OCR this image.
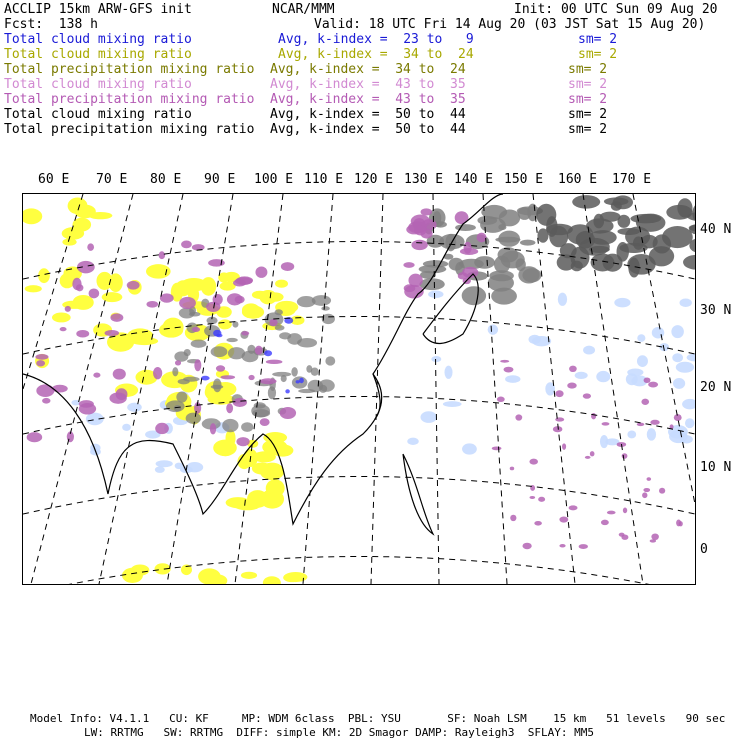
ACCLIP 15km ARW-GFS init	NCAR/MMM	Init: 00 UTC Sun 09 Aug 20
Fcst:  138 h	Valid: 18 UTC Fri 14 Aug 20 (03 JST Sat 15 Aug 20)
Total cloud mixing ratio	Avg, k-index =  23 to   9	sm= 2
Total cloud mixing ratio	Avg, k-index =  34 to  24	sm= 2
Total precipitation mixing ratio Avg, k-index =  34 to  24	sm= 2
Total cloud mixing ratio	Avg, k-index =  43 to  35	sm= 2
Total precipitation mixing ratio Avg, k-index =  43 to  35	sm= 2
Total cloud mixing ratio	Avg, k-index =  50 to  44	sm= 2
Total precipitation mixing ratio Avg, k-index =  50 to  44	sm= 2
60 E 70 E 80 E 90 E 100 E 110 E 120 E 130 E 140 E 150 E 160 E 170 E
40 N
30 N
20 N
10 N
0
Model Info: V4.1.1   CU: KF     MP: WDM 6class  PBL: YSU       SF: Noah LSM    15 km   51 levels   90 sec
LW: RRTMG   SW: RRTMG  DIFF: simple KM: 2D Smagor DAMP: Rayleigh3  SFLAY: MM5
